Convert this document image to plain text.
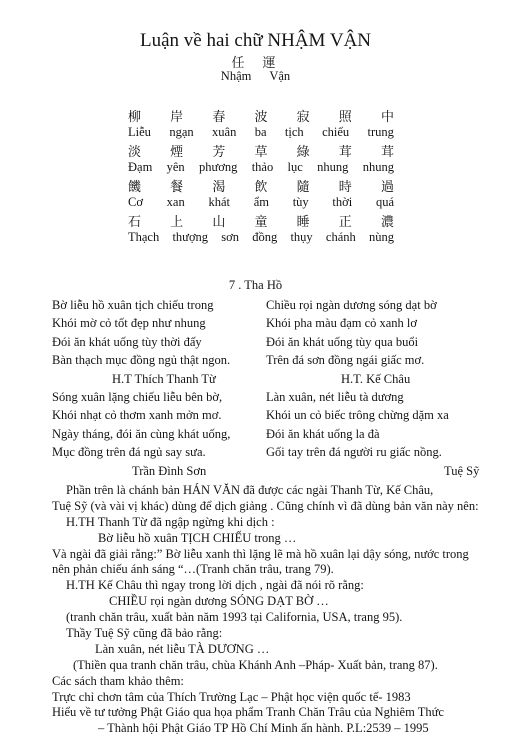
Luận về hai chữ NHẬM VẬN
任運
Nhậm Vận
柳 岸 春 波 寂 照 中
Liễu ngạn xuân ba tịch chiếu trung
淡 煙 芳 草 綠 茸 茸
Đạm yên phương thảo lục nhung nhung
饑 餐 渴 飲 隨 時 過
Cơ xan khát ẩm tùy thời quá
石 上 山 童 睡 正 濃
Thạch thượng sơn đồng thụy chánh nùng
7 . Tha Hồ
Bờ liễu hồ xuân tịch chiếu trong
Khói mờ cỏ tốt đẹp như nhung
Đói ăn khát uống tùy thời đấy
Bàn thạch mục đồng ngủ thật ngon.
H.T Thích Thanh Từ
Sóng xuân lặng chiếu liễu bên bờ,
Khói nhạt cỏ thơm xanh mởn mơ.
Ngày tháng, đói ăn cùng khát uống,
Mục đồng trên đá ngủ say sưa.
Trần Đình Sơn
Chiều rọi ngàn dương sóng dạt bờ
Khói pha màu đạm cỏ xanh lơ
Đói ăn khát uống tùy qua buổi
Trên đá sơn đồng ngái giấc mơ.
H.T. Kế Châu
Làn xuân, nét liễu tà dương
Khói un cỏ biếc trông chừng dặm xa
Đói ăn khát uống la đà
Gối tay trên đá người ru giấc nồng.
Tuệ Sỹ
Phần trên là chánh bản HÁN VĂN đã được các ngài Thanh Từ, Kế Châu,
Tuệ Sỹ (và vài vị khác) dùng để dịch giảng . Cũng chính vì đã dùng bản văn này nên:
H.TH Thanh Từ đã ngập ngừng khi dịch :
Bờ liễu hồ xuân TỊCH CHIẾU trong …
Và ngài đã giải rằng:” Bờ liễu xanh thì lặng lẽ mà hồ xuân lại dậy sóng, nước trong
nên phản chiếu ánh sáng “…(Tranh chăn trâu, trang 79).
H.TH Kế Châu thì ngay trong lời dịch , ngài đã nói rõ rằng:
CHIỀU rọi ngàn dương SÓNG DẠT BỜ …
(tranh chăn trâu, xuất bản năm 1993 tại California, USA, trang 95).
Thầy Tuệ Sỹ cũng đã bảo rằng:
Làn xuân, nét liễu TÀ DƯƠNG …
(Thiền qua tranh chăn trâu, chùa Khánh Anh –Pháp- Xuất bản, trang 87).
Các sách tham khảo thêm:
Trực chỉ chơn tâm của Thích Trường Lạc – Phật học viện quốc tế- 1983
Hiểu về tư tưởng Phật Giáo qua họa phẩm Tranh Chăn Trâu của Nghiêm Thức
– Thành hội Phật Giáo TP Hồ Chí Minh ấn hành. P.L:2539 – 1995
